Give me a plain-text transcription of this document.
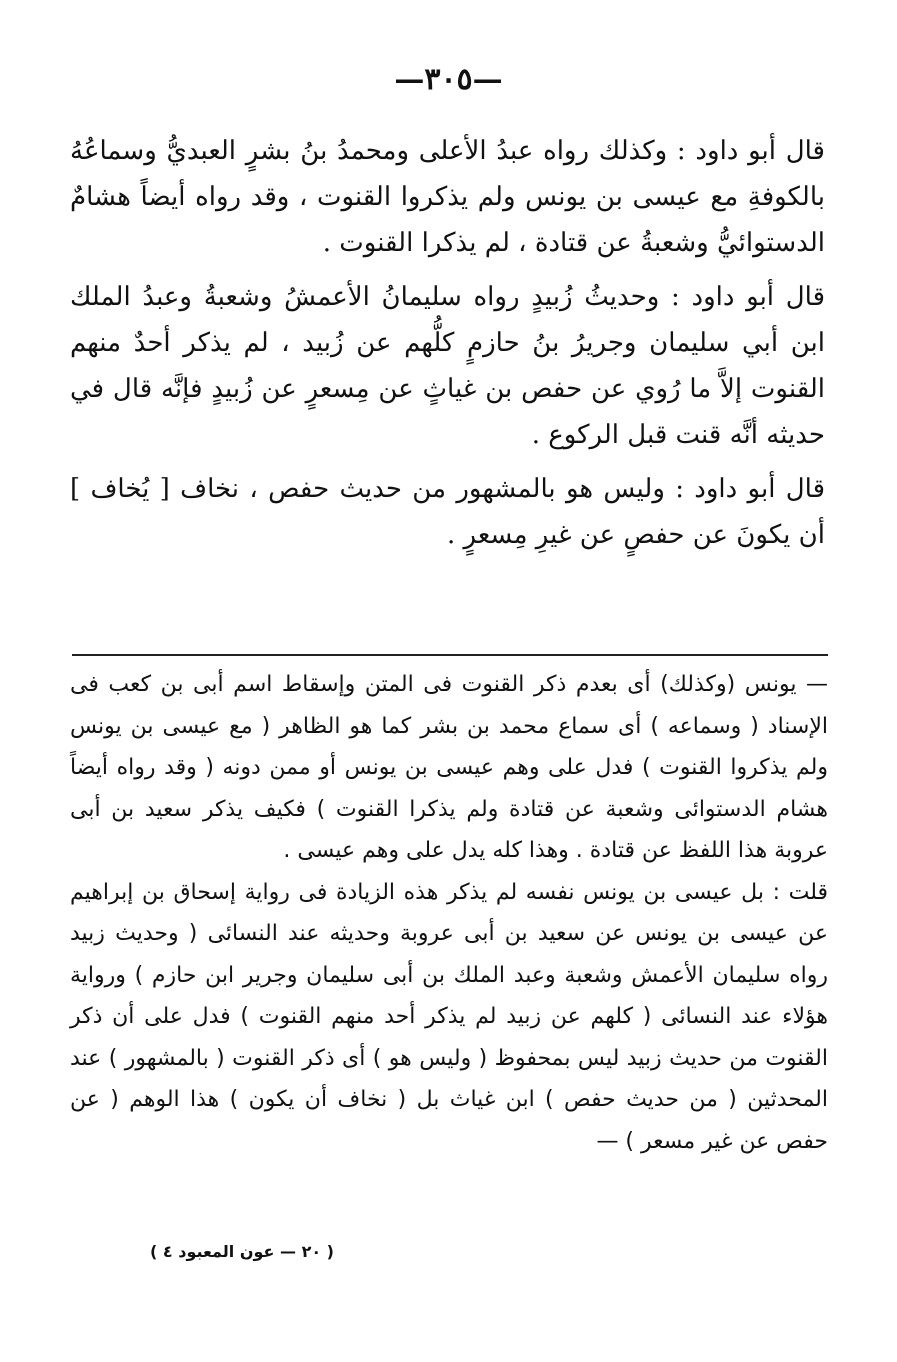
—٣٠٥—

قال أبو داود : وكذلك رواه عبدُ الأعلى ومحمدُ بنُ بشرٍ العبديُّ وسماعُهُ بالكوفةِ مع عيسى بن يونس ولم يذكروا القنوت ، وقد رواه أيضاً هشامٌ الدستوائيُّ وشعبةُ عن قتادة ، لم يذكرا القنوت .

قال أبو داود : وحديثُ زُبيدٍ رواه سليمانُ الأعمشُ وشعبةُ وعبدُ الملك ابن أبي سليمان وجريرُ بنُ حازمٍ كلُّهم عن زُبيد ، لم يذكر أحدٌ منهم القنوت إلاَّ ما رُوي عن حفص بن غياثٍ عن مِسعرٍ عن زُبيدٍ فإنَّه قال في حديثه أنَّه قنت قبل الركوع .

قال أبو داود : وليس هو بالمشهور من حديث حفص ، نخاف [ يُخاف ] أن يكونَ عن حفصٍ عن غيرِ مِسعرٍ .

— يونس (وكذلك) أى بعدم ذكر القنوت فى المتن وإسقاط اسم أبى بن كعب فى الإسناد ( وسماعه ) أى سماع محمد بن بشر كما هو الظاهر ( مع عيسى بن يونس ولم يذكروا القنوت ) فدل على وهم عيسى بن يونس أو ممن دونه ( وقد رواه أيضاً هشام الدستوائى وشعبة عن قتادة ولم يذكرا القنوت ) فكيف يذكر سعيد بن أبى عروبة هذا اللفظ عن قتادة . وهذا كله يدل على وهم عيسى .

قلت : بل عيسى بن يونس نفسه لم يذكر هذه الزيادة فى رواية إسحاق بن إبراهيم عن عيسى بن يونس عن سعيد بن أبى عروبة وحديثه عند النسائى ( وحديث زبيد رواه سليمان الأعمش وشعبة وعبد الملك بن أبى سليمان وجرير ابن حازم ) ورواية هؤلاء عند النسائى ( كلهم عن زبيد لم يذكر أحد منهم القنوت ) فدل على أن ذكر القنوت من حديث زبيد ليس بمحفوظ ( وليس هو ) أى ذكر القنوت ( بالمشهور ) عند المحدثين ( من حديث حفص ) ابن غياث بل ( نخاف أن يكون ) هذا الوهم ( عن حفص عن غير مسعر ) —

( ٢٠ — عون المعبود ٤ )
